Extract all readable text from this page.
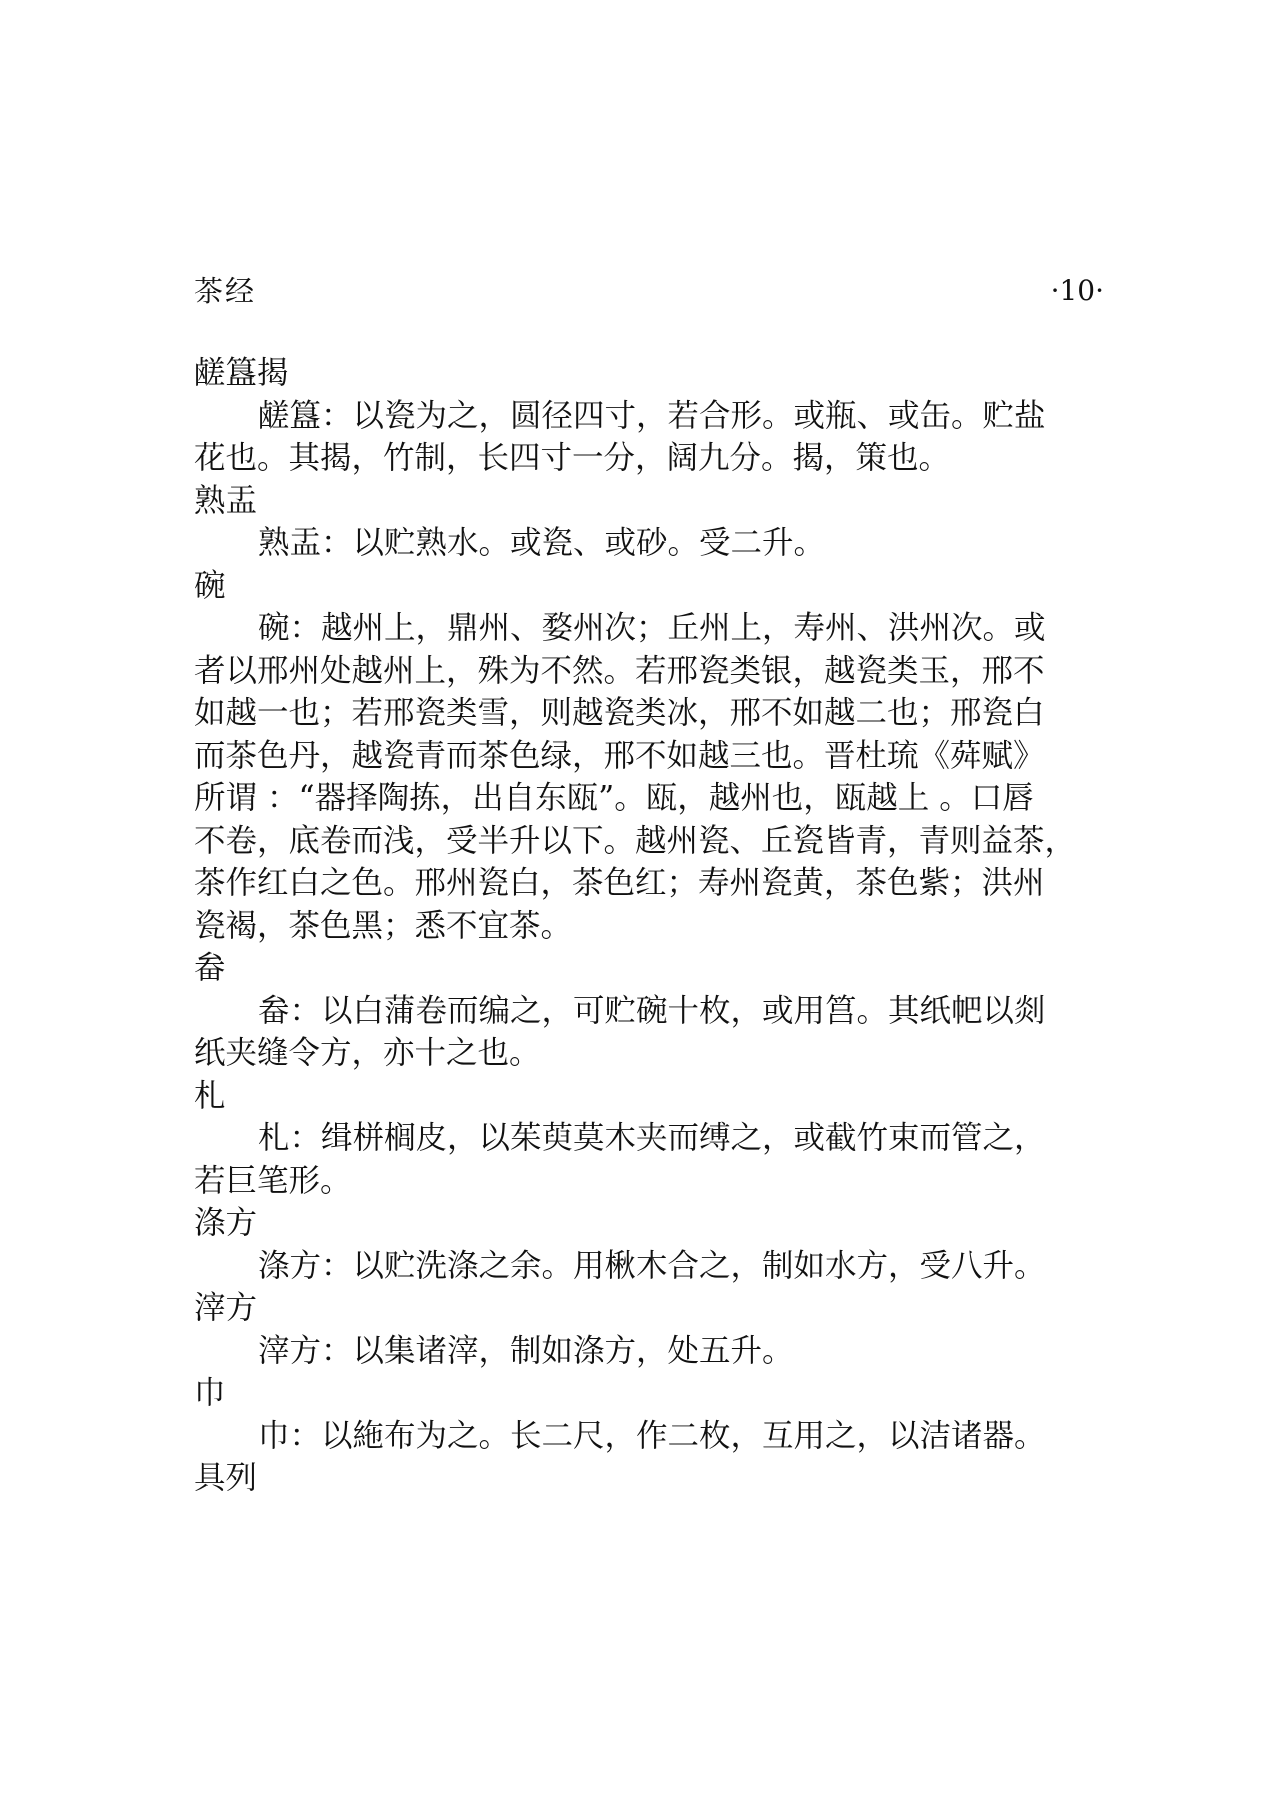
茶经	·10·
鹾簋揭
鹾簋：以瓷为之，圆径四寸，若合形。或瓶、或缶。贮盐
花也。其揭，竹制，长四寸一分，阔九分。揭，策也。
熟盂
熟盂：以贮熟水。或瓷、或砂。受二升。
碗
碗：越州上，鼎州、婺州次；丘州上，寿州、洪州次。或
者以邢州处越州上，殊为不然。若邢瓷类银，越瓷类玉，邢不
如越一也；若邢瓷类雪，则越瓷类冰，邢不如越二也；邢瓷白
而茶色丹，越瓷青而茶色绿，邢不如越三也。晋杜琉《荈赋》
所谓 ：“器择陶拣，出自东瓯”。瓯，越州也，瓯越上 。口唇
不卷，底卷而浅，受半升以下。越州瓷、丘瓷皆青，青则益茶，
茶作红白之色。邢州瓷白，茶色红；寿州瓷黄，茶色紫；洪州
瓷褐，茶色黑；悉不宜茶。
畚
畚：以白蒲卷而编之，可贮碗十枚，或用筥。其纸帊以剡
纸夹缝令方，亦十之也。
札
札：缉栟榈皮，以茱萸莫木夹而缚之，或截竹束而管之，
若巨笔形。
涤方
涤方：以贮洗涤之余。用楸木合之，制如水方，受八升。
滓方
滓方：以集诸滓，制如涤方，处五升。
巾
巾：以絁布为之。长二尺，作二枚，互用之，以洁诸器。
具列
